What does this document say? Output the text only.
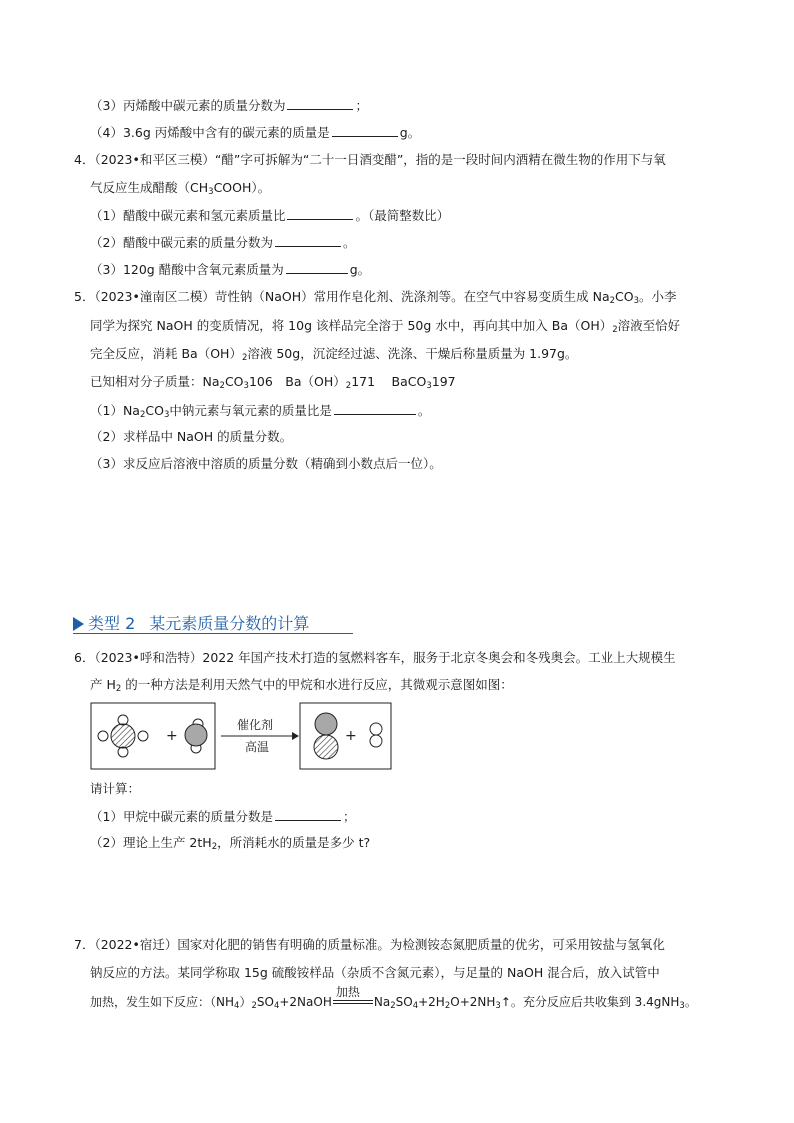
（3）丙烯酸中碳元素的质量分数为	；
（4）3.6g 丙烯酸中含有的碳元素的质量是	g。
4．（2023•和平区三模）“醋”字可拆解为“二十一日酒变醋”，指的是一段时间内酒精在微生物的作用下与氧
气反应生成醋酸$(CH_3COOH)$。
（1）醋酸中碳元素和氢元素质量比	。（最简整数比）
（2）醋酸中碳元素的质量分数为	。
（3）120g 醋酸中含氧元素质量为	g。
5．（2023•潼南区二模）苛性钠（NaOH）常用作皂化剂、洗涤剂等。在空气中容易变质生成 $Na_2CO_3$。小李
同学为探究 NaOH 的变质情况，将 10g 该样品完全溶于 50g 水中，再向其中加入 $Ba(OH)_2$溶液至恰好
完全反应，消耗 $Ba(OH)_2$溶液 50g，沉淀经过滤、洗涤、干燥后称量质量为 1.97g。
已知相对分子质量：$Na_2CO_3106$　$Ba(OH)_2171$　 BaCO$_3$197
$(1)Na_2CO_3$中钠元素与氧元素的质量比是	。
（2）求样品中 NaOH 的质量分数。
（3）求反应后溶液中溶质的质量分数（精确到小数点后一位）。
类型 2 某元素质量分数的计算
6．（2023•呼和浩特）2022 年国产技术打造的氢燃料客车，服务于北京冬奥会和冬残奥会。工业上大规模生
产 $H_2$ 的一种方法是利用天然气中的甲烷和水进行反应，其微观示意图如图：
+
催化剂
高温
+
请计算：
（1）甲烷中碳元素的质量分数是	；
（2）理论上生产 $2tH_2$，所消耗水的质量是多少 t?
7．（2022•宿迁）国家对化肥的销售有明确的质量标准。为检测铵态氮肥质量的优劣，可采用铵盐与氢氧化
钠反应的方法。某同学称取 15g 硫酸铵样品（杂质不含氮元素），与足量的 NaOH 混合后，放入试管中
加热，发生如下反应：$(NH_4)_2SO_4+2NaOH$
加热
$Na_2SO_4+2H_2O+2NH_3↑$。充分反应后共收集到 3.4gNH$_3$。
